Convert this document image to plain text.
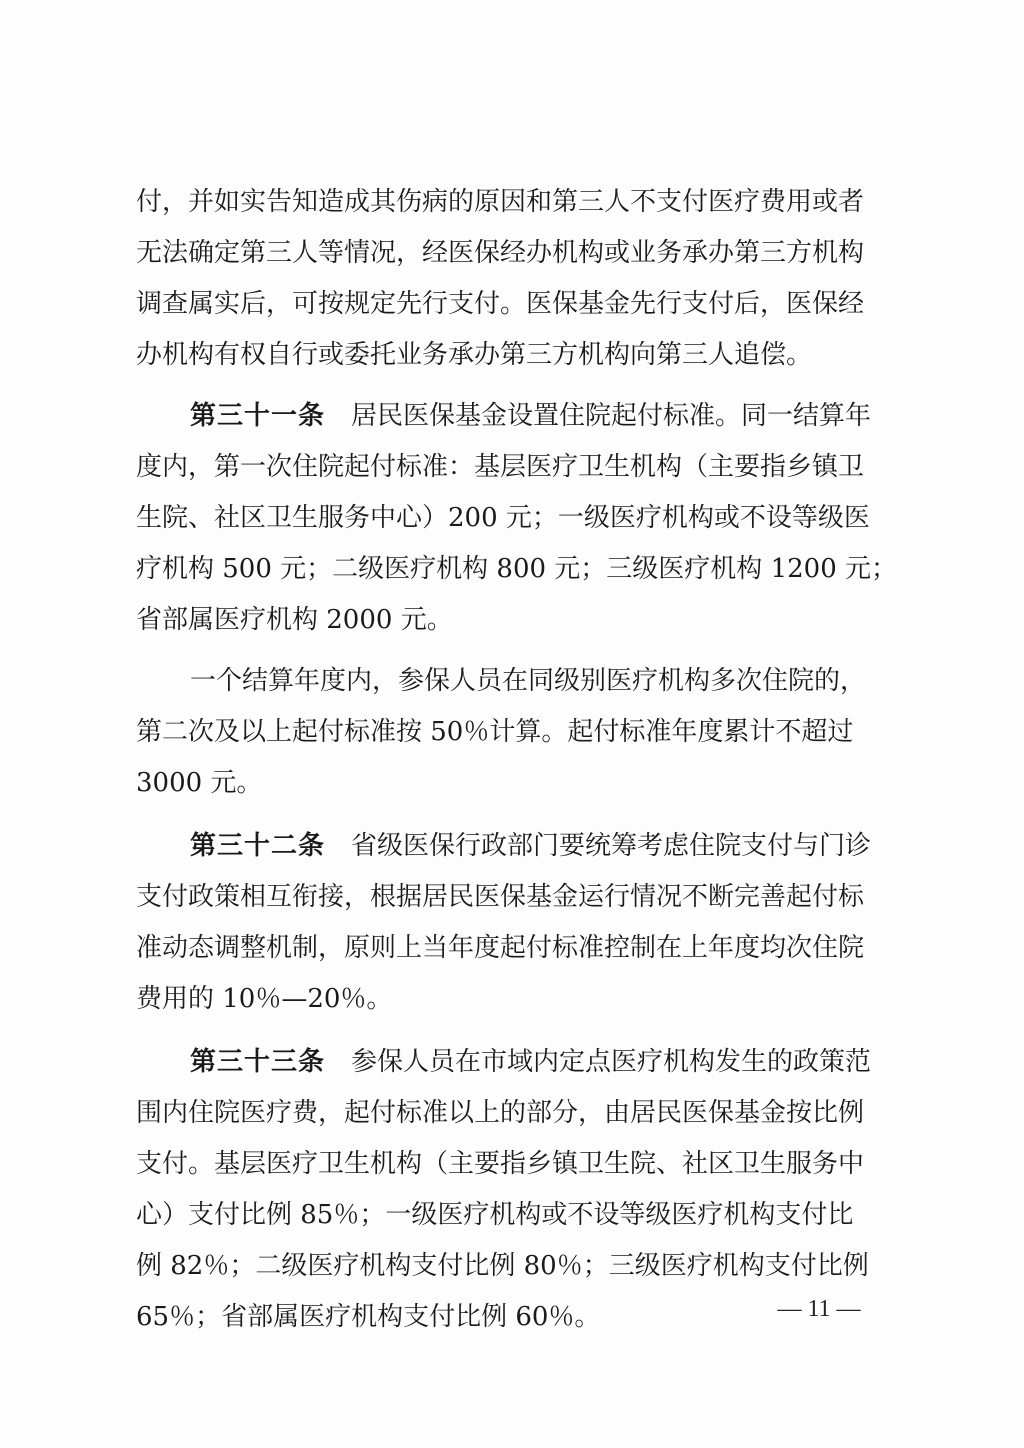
付，并如实告知造成其伤病的原因和第三人不支付医疗费用或者
无法确定第三人等情况，经医保经办机构或业务承办第三方机构
调查属实后，可按规定先行支付。医保基金先行支付后，医保经
办机构有权自行或委托业务承办第三方机构向第三人追偿。

第三十一条 居民医保基金设置住院起付标准。同一结算年
度内，第一次住院起付标准：基层医疗卫生机构（主要指乡镇卫
生院、社区卫生服务中心）200 元；一级医疗机构或不设等级医
疗机构 500 元；二级医疗机构 800 元；三级医疗机构 1200 元；
省部属医疗机构 2000 元。

一个结算年度内，参保人员在同级别医疗机构多次住院的，
第二次及以上起付标准按 50％计算。起付标准年度累计不超过
3000 元。

第三十二条 省级医保行政部门要统筹考虑住院支付与门诊
支付政策相互衔接，根据居民医保基金运行情况不断完善起付标
准动态调整机制，原则上当年度起付标准控制在上年度均次住院
费用的 10％—20％。

第三十三条 参保人员在市域内定点医疗机构发生的政策范
围内住院医疗费，起付标准以上的部分，由居民医保基金按比例
支付。基层医疗卫生机构（主要指乡镇卫生院、社区卫生服务中
心）支付比例 85％；一级医疗机构或不设等级医疗机构支付比
例 82％；二级医疗机构支付比例 80％；三级医疗机构支付比例
65％；省部属医疗机构支付比例 60％。	— 11 —
